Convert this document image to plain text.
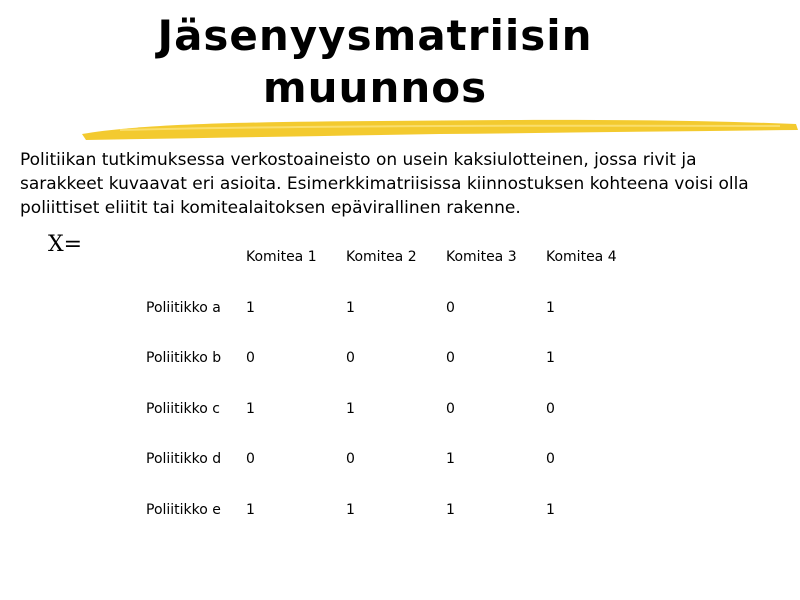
Jäsenyysmatriisin
muunnos

Politiikan tutkimuksessa verkostoaineisto on usein kaksiulotteinen, jossa rivit ja sarakkeet kuvaavat eri asioita. Esimerkkimatriisissa kiinnostuksen kohteena voisi olla poliittiset eliitit tai komitealaitoksen epävirallinen rakenne.

X=
	Komitea 1	Komitea 2	Komitea 3	Komitea 4
Poliitikko a	1	1	0	1
Poliitikko b	0	0	0	1
Poliitikko c	1	1	0	0
Poliitikko d	0	0	1	0
Poliitikko e	1	1	1	1
